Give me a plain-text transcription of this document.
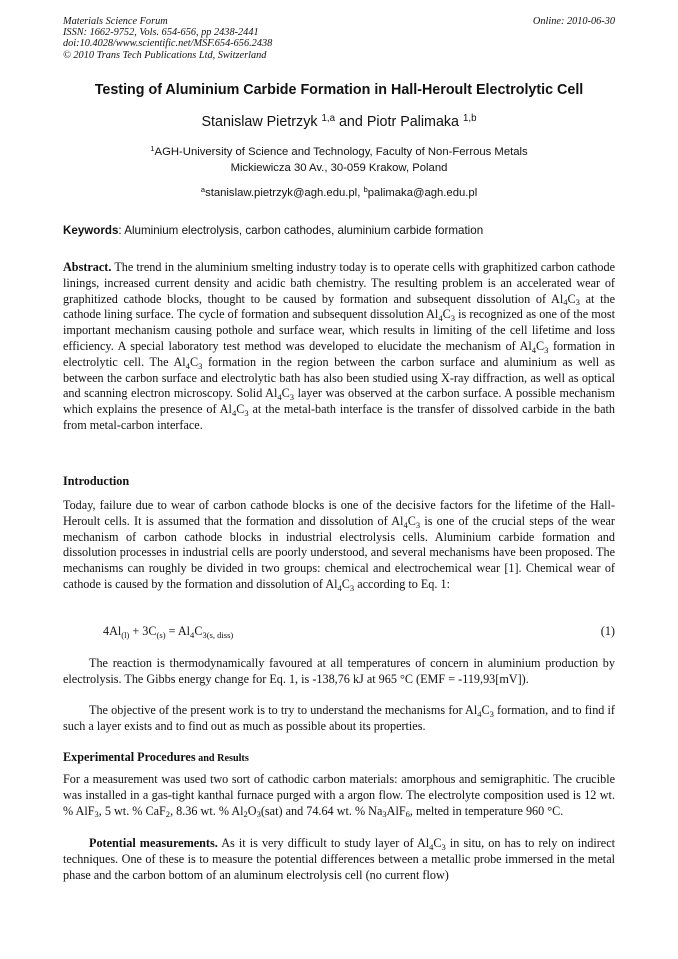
Materials Science Forum
ISSN: 1662-9752, Vols. 654-656, pp 2438-2441
doi:10.4028/www.scientific.net/MSF.654-656.2438
© 2010 Trans Tech Publications Ltd, Switzerland
Online: 2010-06-30
Testing of Aluminium Carbide Formation in Hall-Heroult Electrolytic Cell
Stanislaw Pietrzyk $^{1,a}$ and Piotr Palimaka $^{1,b}$
$^1$AGH-University of Science and Technology, Faculty of Non-Ferrous Metals
Mickiewicza 30 Av., 30-059 Krakow, Poland
$^a$stanislaw.pietrzyk@agh.edu.pl, $^b$palimaka@agh.edu.pl
Keywords: Aluminium electrolysis, carbon cathodes, aluminium carbide formation

Abstract. The trend in the aluminium smelting industry today is to operate cells with graphitized carbon cathode linings, increased current density and acidic bath chemistry. The resulting problem is an accelerated wear of graphitized cathode blocks, thought to be caused by formation and subsequent dissolution of $Al_4C_3$ at the cathode lining surface. The cycle of formation and subsequent dissolution $Al_4C_3$ is recognized as one of the most important mechanism causing pothole and surface wear, which results in limiting of the cell lifetime and loss efficiency. A special laboratory test method was developed to elucidate the mechanism of $Al_4C_3$ formation in electrolytic cell. The $Al_4C_3$ formation in the region between the carbon surface and aluminium as well as between the carbon surface and electrolytic bath has also been studied using X-ray diffraction, as well as optical and scanning electron microscopy. Solid $Al_4C_3$ layer was observed at the carbon surface. A possible mechanism which explains the presence of $Al_4C_3$ at the metal-bath interface is the transfer of dissolved carbide in the bath from metal-carbon interface.

Introduction

Today, failure due to wear of carbon cathode blocks is one of the decisive factors for the lifetime of the Hall-Heroult cells. It is assumed that the formation and dissolution of $Al_4C_3$ is one of the crucial steps of the wear mechanism of carbon cathode blocks in industrial electrolysis cells. Aluminium carbide formation and dissolution processes in industrial cells are poorly understood, and several mechanisms have been proposed. The mechanisms can roughly be divided in two groups: chemical and electrochemical wear [1]. Chemical wear of cathode is caused by the formation and dissolution of $Al_4C_3$ according to Eq. 1:

$4Al_{(l)} + 3C_{(s)} = Al_4C_{3(s, diss)}$	(1)

The reaction is thermodynamically favoured at all temperatures of concern in aluminium production by electrolysis. The Gibbs energy change for Eq. 1, is -138,76 kJ at 965 °C (EMF = -119,93[mV]).

The objective of the present work is to try to understand the mechanisms for $Al_4C_3$ formation, and to find if such a layer exists and to find out as much as possible about its properties.

Experimental Procedures and Results

For a measurement was used two sort of cathodic carbon materials: amorphous and semigraphitic. The crucible was installed in a gas-tight kanthal furnace purged with a argon flow. The electrolyte composition used is 12 wt. % AlF$_3$, 5 wt. % CaF$_2$, 8.36 wt. % $Al_2O_3(sat)$ and 74.64 wt. % $Na_3AlF_6$, melted in temperature 960 °C.

Potential measurements. As it is very difficult to study layer of $Al_4C_3$ in situ, on has to rely on indirect techniques. One of these is to measure the potential differences between a metallic probe immersed in the metal phase and the carbon bottom of an aluminum electrolysis cell (no current flow)
